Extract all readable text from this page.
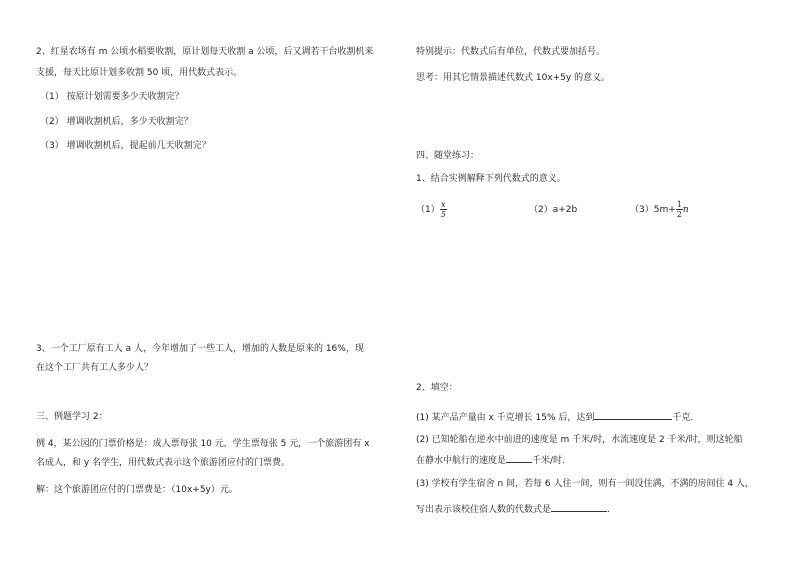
2、红星农场有 m 公顷水稻要收割，原计划每天收割 a 公顷，后又调若干台收割机来
支援，每天比原计划多收割 50 顷，用代数式表示。
（1） 按原计划需要多少天收割完？
（2） 增调收割机后，多少天收割完？
（3） 增调收割机后，提起前几天收割完？
3、一个工厂原有工人 a 人，今年增加了一些工人，增加的人数是原来的 16%，现
在这个工厂共有工人多少人？
三、例题学习 2：
例 4，某公园的门票价格是：成人票每张 10 元，学生票每张 5 元，一个旅游团有 x
名成人，和 y 名学生，用代数式表示这个旅游团应付的门票费。
解：这个旅游团应付的门票费是：（10x+5y）元。
特别提示：代数式后有单位，代数式要加括号。
思考：用其它情景描述代数式 10x+5y 的意义。
四、随堂练习：
1、结合实例解释下列代数式的意义。
$(1) \frac{x}{5}$	（2）a+2b	$(3)5m+ \frac{1}{2}$ n
2、填空：
(1) 某产品产量由 x 千克增长 15% 后，达到	千克.
(2) 已知轮船在逆水中前进的速度是 m 千米/时，水流速度是 2 千米/时，则这轮船
在静水中航行的速度是	千米/时.
(3) 学校有学生宿舍 n 间，若每 6 人住一间，则有一间没住满，不满的房间住 4 人，
写出表示该校住宿人数的代数式是	.
